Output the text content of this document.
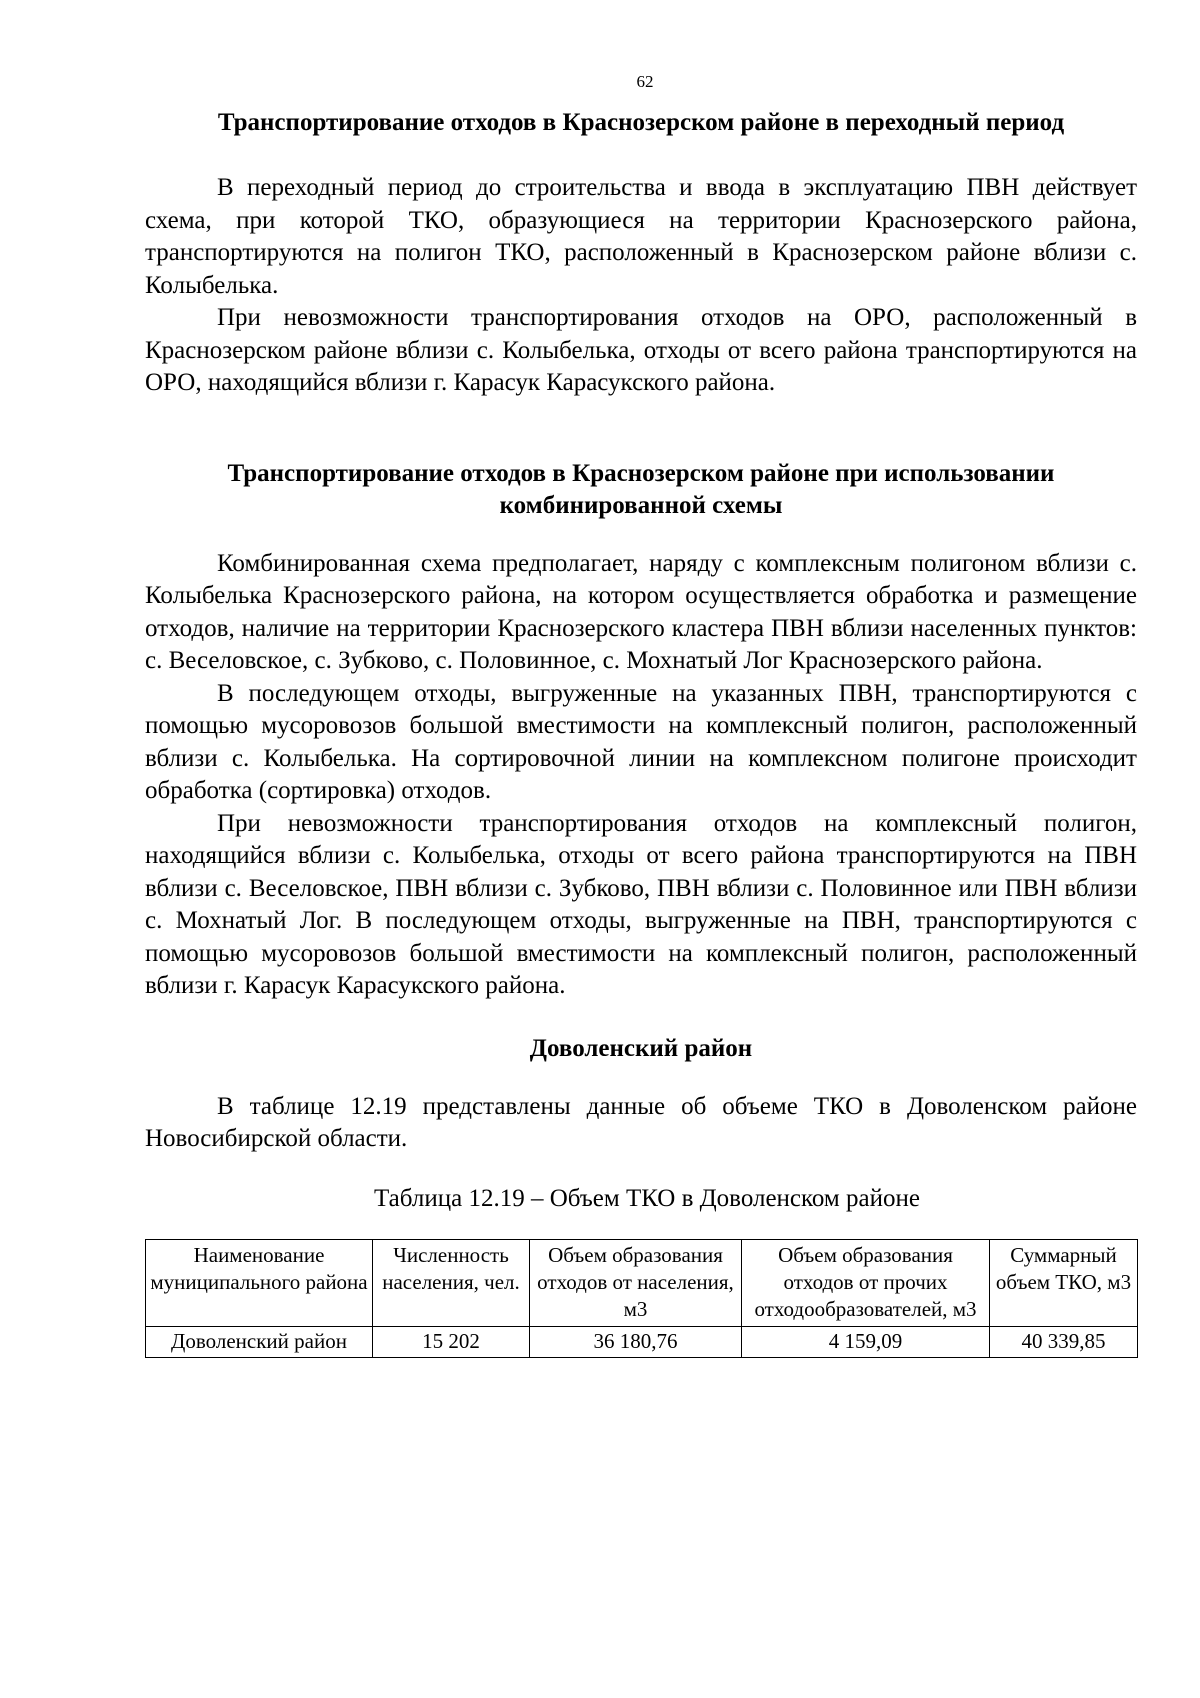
62
Транспортирование отходов в Краснозерском районе в переходный период

В переходный период до строительства и ввода в эксплуатацию ПВН действует схема, при которой ТКО, образующиеся на территории Краснозерского района, транспортируются на полигон ТКО, расположенный в Краснозерском районе вблизи с. Колыбелька.

При невозможности транспортирования отходов на ОРО, расположенный в Краснозерском районе вблизи с. Колыбелька, отходы от всего района транспортируются на ОРО, находящийся вблизи г. Карасук Карасукского района.

Транспортирование отходов в Краснозерском районе при использовании комбинированной схемы

Комбинированная схема предполагает, наряду с комплексным полигоном вблизи с. Колыбелька Краснозерского района, на котором осуществляется обработка и размещение отходов, наличие на территории Краснозерского кластера ПВН вблизи населенных пунктов: с. Веселовское, с. Зубково, с. Половинное, с. Мохнатый Лог Краснозерского района.

В последующем отходы, выгруженные на указанных ПВН, транспортируются с помощью мусоровозов большой вместимости на комплексный полигон, расположенный вблизи с. Колыбелька. На сортировочной линии на комплексном полигоне происходит обработка (сортировка) отходов.

При невозможности транспортирования отходов на комплексный полигон, находящийся вблизи с. Колыбелька, отходы от всего района транспортируются на ПВН вблизи с. Веселовское, ПВН вблизи с. Зубково, ПВН вблизи с. Половинное или ПВН вблизи с. Мохнатый Лог. В последующем отходы, выгруженные на ПВН, транспортируются с помощью мусоровозов большой вместимости на комплексный полигон, расположенный вблизи г. Карасук Карасукского района.

Доволенский район

В таблице 12.19 представлены данные об объеме ТКО в Доволенском районе Новосибирской области.

Таблица 12.19 – Объем ТКО в Доволенском районе
Наименование муниципального района	Численность населения, чел.	Объем образования отходов от населения, м3	Объем образования отходов от прочих отходообразователей, м3	Суммарный объем ТКО, м3
Доволенский район	15 202	36 180,76	4 159,09	40 339,85
